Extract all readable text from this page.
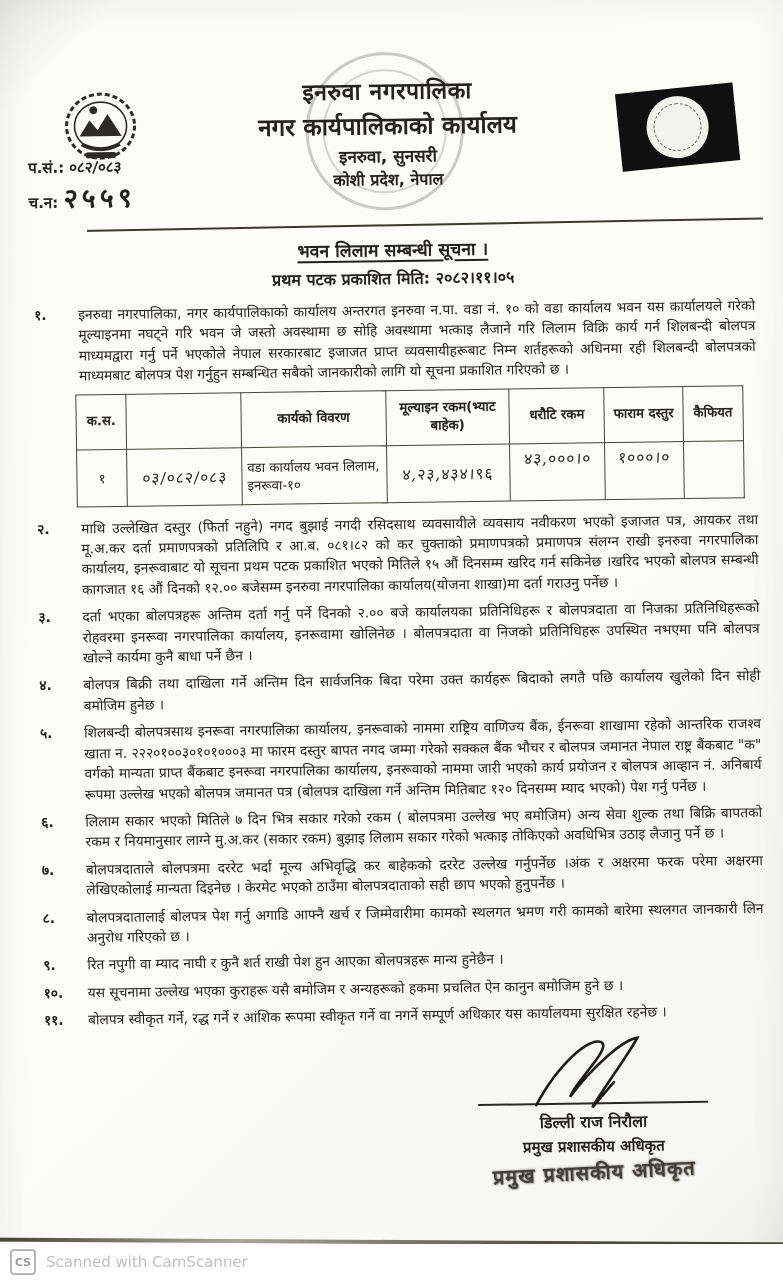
इनरुवा नगरपालिका
नगर कार्यपालिकाको कार्यालय
इनरुवा, सुनसरी
कोशी प्रदेश, नेपाल
प.सं.: ०८२/०८३
च.न: २५५९
भवन लिलाम सम्बन्धी सूचना ।
प्रथम पटक प्रकाशित मिति: २०८२।११।०५
१.	इनरुवा नगरपालिका, नगर कार्यपालिकाको कार्यालय अन्तरगत इनरुवा न.पा. वडा नं. १० को वडा कार्यालय भवन यस कार्यालयले गरेको मूल्याइनमा नघट्ने गरि भवन जे जस्तो अवस्थामा छ सोहि अवस्थामा भत्काइ लैजाने गरि लिलाम विक्रि कार्य गर्न शिलबन्दी बोलपत्र माध्यमद्वारा गर्नु पर्ने भएकोले नेपाल सरकारबाट इजाजत प्राप्त व्यवसायीहरूबाट निम्न शर्तहरूको अधिनमा रही शिलबन्दी बोलपत्रको माध्यमबाट बोलपत्र पेश गर्नुहुन सम्बन्धित सबैको जानकारीको लागि यो सूचना प्रकाशित गरिएको छ ।
क.स.		कार्यको विवरण	मूल्याइन रकम(भ्याट बाहेक)	धरौटि रकम	फाराम दस्तुर	कैफियत
१	०३/०८२/०८३	वडा कार्यालय भवन लिलाम, इनरूवा-१०	४,२३,४३४।९६	४३,०००।०	१०००।०	
२.	माथि उल्लेखित दस्तुर (फिर्ता नहुने) नगद बुझाई नगदी रसिदसाथ व्यवसायीले व्यवसाय नवीकरण भएको इजाजत पत्र, आयकर तथा मू.अ.कर दर्ता प्रमाणपत्रको प्रतिलिपि र आ.ब. ०८१।८२ को कर चुक्ताको प्रमाणपत्रको प्रमाणपत्र संलग्न राखी इनरुवा नगरपालिका कार्यालय, इनरूवाबाट यो सूचना प्रथम पटक प्रकाशित भएको मितिले १५ औं दिनसम्म खरिद गर्न सकिनेछ ।खरिद भएको बोलपत्र सम्बन्धी कागजात १६ औं दिनको १२.०० बजेसम्म इनरुवा नगरपालिका कार्यालय(योजना शाखा)मा दर्ता गराउनु पर्नेछ ।
३.	दर्ता भएका बोलपत्रहरू अन्तिम दर्ता गर्नु पर्ने दिनको २.०० बजे कार्यालयका प्रतिनिधिहरू र बोलपत्रदाता वा निजका प्रतिनिधिहरूको रोहवरमा इनरूवा नगरपालिका कार्यालय, इनरूवामा खोलिनेछ । बोलपत्रदाता वा निजको प्रतिनिधिहरू उपस्थित नभएमा पनि बोलपत्र खोल्ने कार्यमा कुनै बाधा पर्ने छैन ।
४.	बोलपत्र बिक्री तथा दाखिला गर्ने अन्तिम दिन सार्वजनिक बिदा परेमा उक्त कार्यहरू बिदाको लगतै पछि कार्यालय खुलेको दिन सोही बमोजिम हुनेछ ।
५.	शिलबन्दी बोलपत्रसाथ इनरूवा नगरपालिका कार्यालय, इनरूवाको नाममा राष्ट्रिय वाणिज्य बैंक, ईनरूवा शाखामा रहेको आन्तरिक राजश्व खाता न. २२२०१००३०१०१०००३ मा फारम दस्तुर बापत नगद जम्मा गरेको सक्कल बैंक भौचर र बोलपत्र जमानत नेपाल राष्ट्र बैंकबाट "क" वर्गको मान्यता प्राप्त बैंकबाट इनरूवा नगरपालिका कार्यालय, इनरूवाको नाममा जारी भएको कार्य प्रयोजन र बोलपत्र आव्हान नं. अनिबार्य रूपमा उल्लेख भएको बोलपत्र जमानत पत्र (बोलपत्र दाखिला गर्ने अन्तिम मितिबाट १२० दिनसम्म म्याद भएको) पेश गर्नु पर्नेछ ।
६.	लिलाम सकार भएको मितिले ७ दिन भित्र सकार गरेको रकम ( बोलपत्रमा उल्लेख भए बमोजिम) अन्य सेवा शुल्क तथा बिक्रि बापतको रकम र नियमानुसार लाग्ने मु.अ.कर (सकार रकम) बुझाइ लिलाम सकार गरेको भत्काइ तोकिएको अवधिभित्र उठाइ लैजानु पर्ने छ ।
७.	बोलपत्रदाताले बोलपत्रमा दररेट भर्दा मूल्य अभिवृद्धि कर बाहेकको दररेट उल्लेख गर्नुपर्नेछ ।अंक र अक्षरमा फरक परेमा अक्षरमा लेखिएकोलाई मान्यता दिइनेछ । केरमेट भएको ठाउँमा बोलपत्रदाताको सही छाप भएको हुनुपर्नेछ ।
८.	बोलपत्रदातालाई बोलपत्र पेश गर्नु अगाडि आफ्नै खर्च र जिम्मेवारीमा कामको स्थलगत भ्रमण गरी कामको बारेमा स्थलगत जानकारी लिन अनुरोध गरिएको छ ।
९.	रित नपुगी वा म्याद नाघी र कुनै शर्त राखी पेश हुन आएका बोलपत्रहरू मान्य हुनेछैन ।
१०.	यस सूचनामा उल्लेख भएका कुराहरू यसै बमोजिम र अन्यहरूको हकमा प्रचलित ऐन कानुन बमोजिम हुने छ ।
११.	बोलपत्र स्वीकृत गर्ने, रद्ध गर्ने र आंशिक रूपमा स्वीकृत गर्ने वा नगर्ने सम्पूर्ण अधिकार यस कार्यालयमा सुरक्षित रहनेछ ।
डिल्ली राज निरौला
प्रमुख प्रशासकीय अधिकृत
प्रमुख प्रशासकीय अधिकृत
CS Scanned with CamScanner
